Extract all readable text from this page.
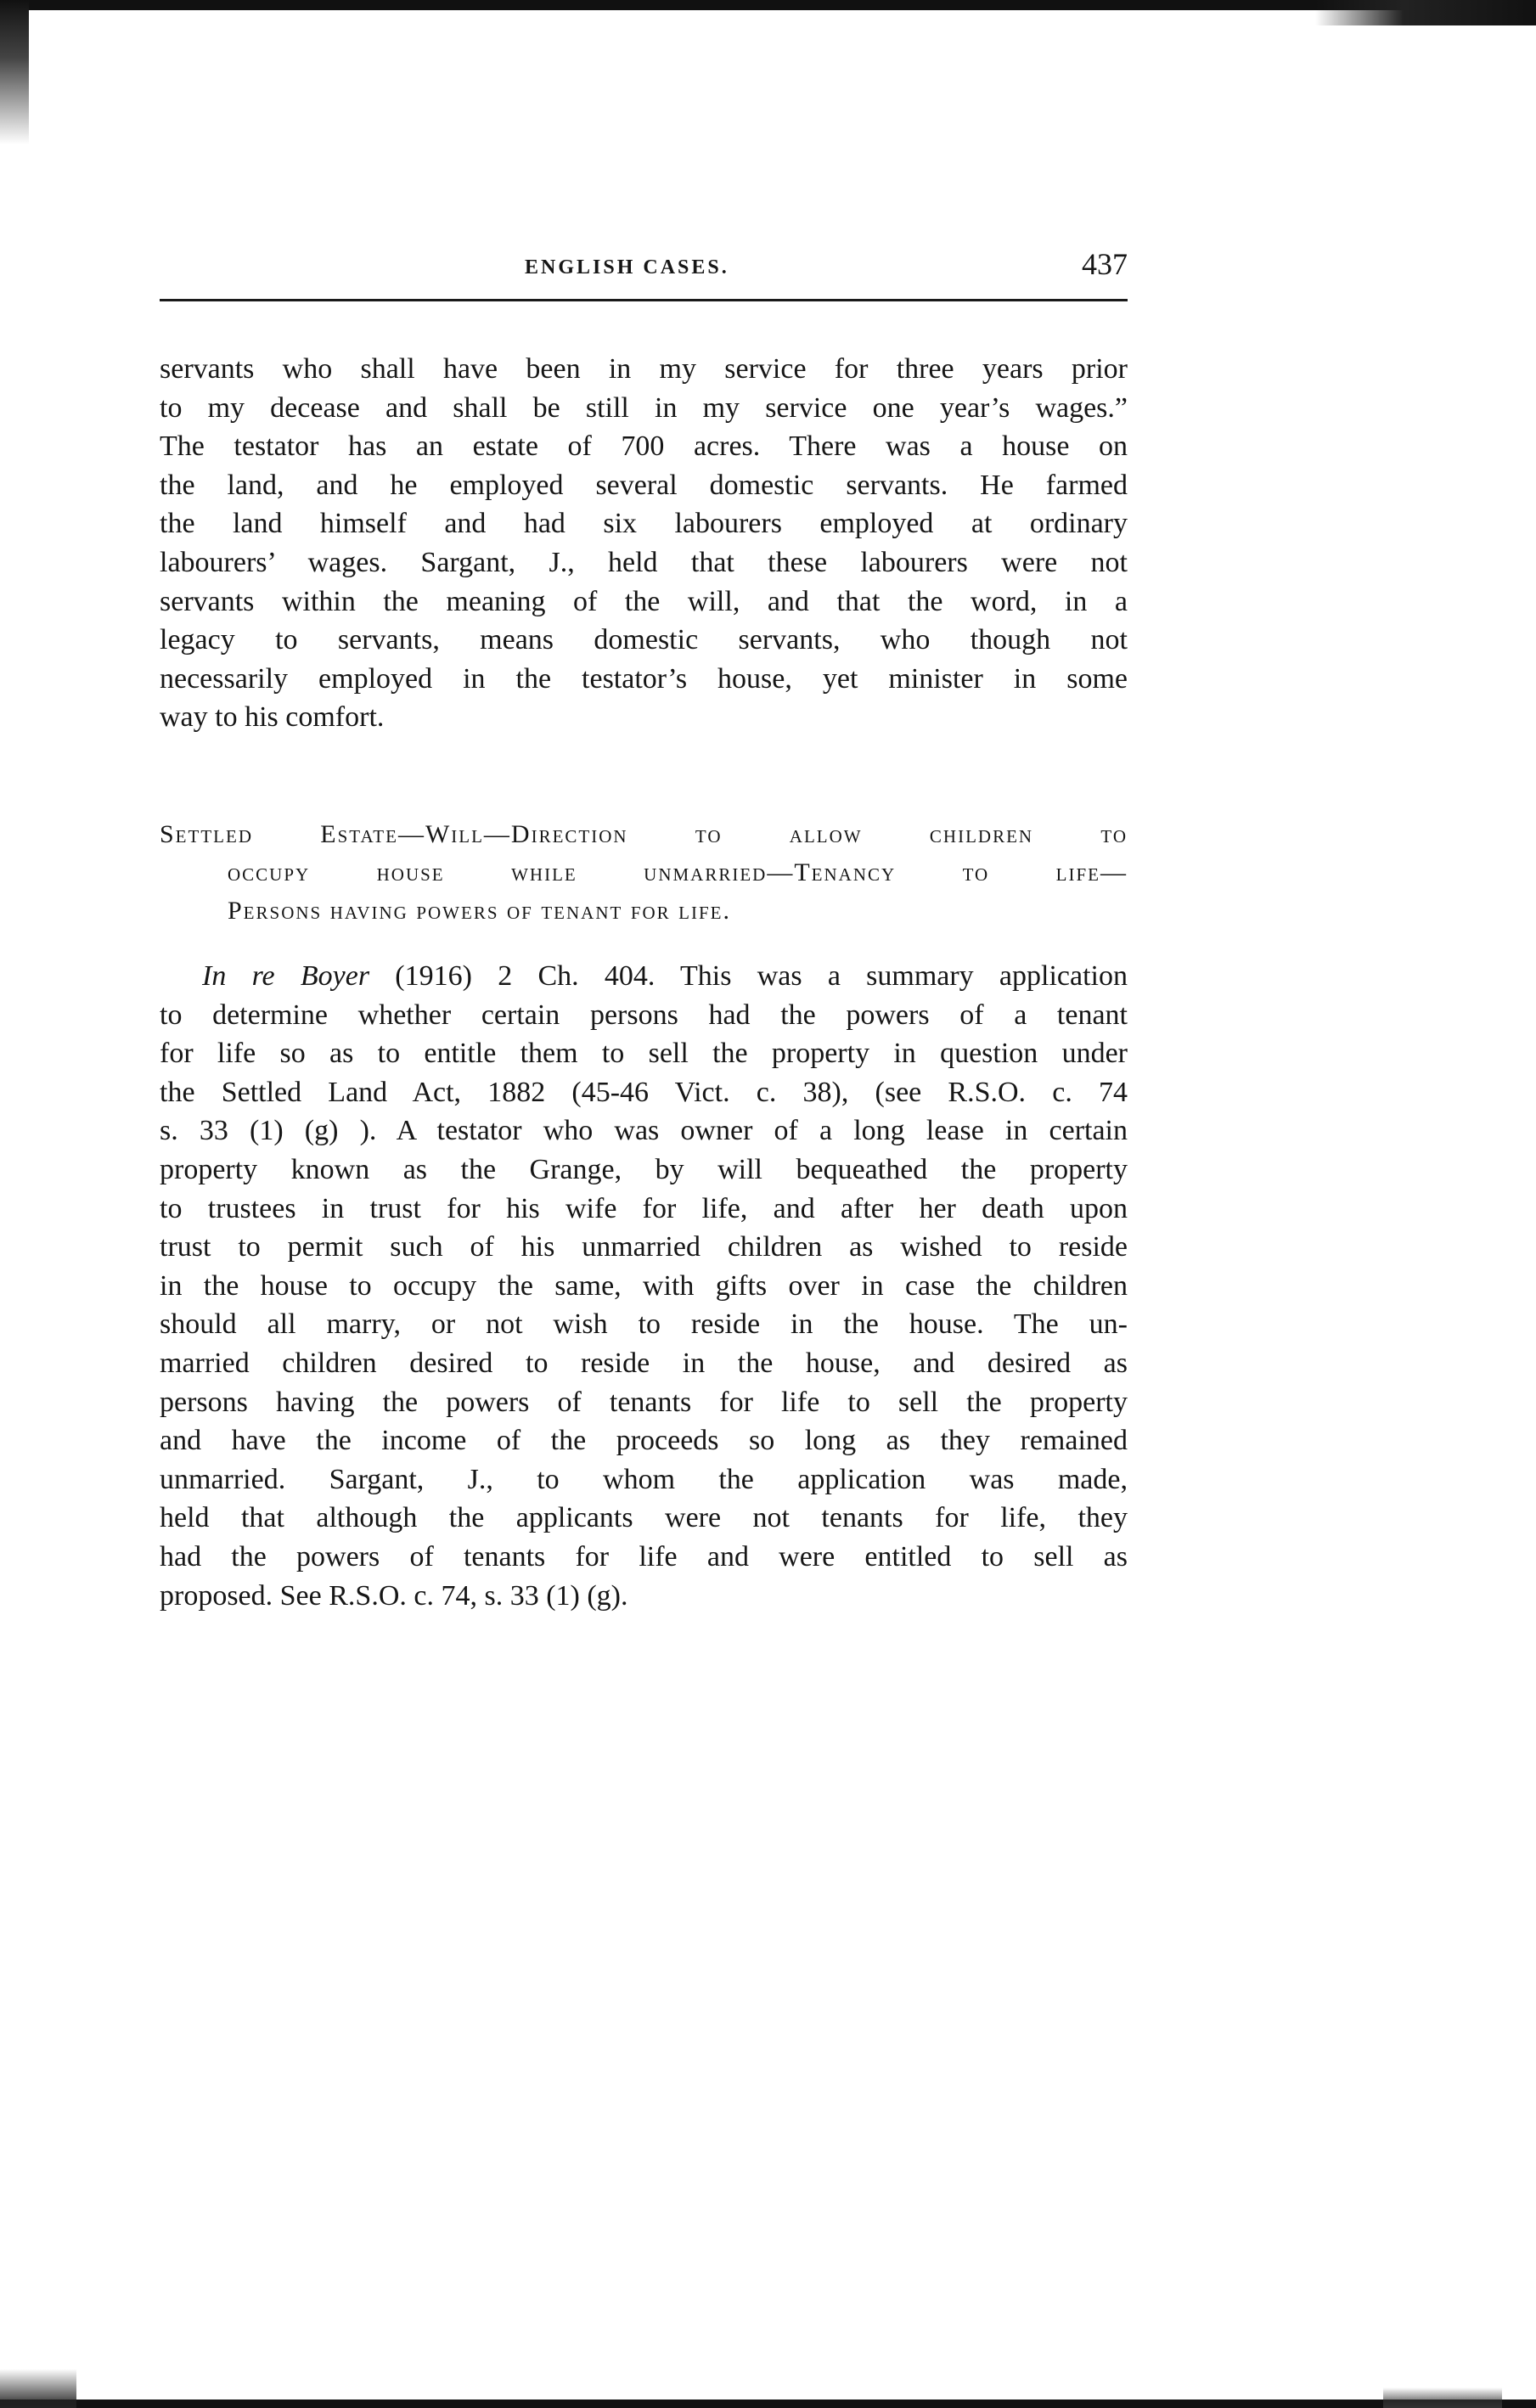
ENGLISH CASES.	437

servants who shall have been in my service for three years prior
to my decease and shall be still in my service one year’s wages.”
The testator has an estate of 700 acres. There was a house on
the land, and he employed several domestic servants. He farmed
the land himself and had six labourers employed at ordinary
labourers’ wages. Sargant, J., held that these labourers were not
servants within the meaning of the will, and that the word, in a
legacy to servants, means domestic servants, who though not
necessarily employed in the testator’s house, yet minister in some
way to his comfort.

Settled Estate—Will—Direction to allow children to
occupy house while unmarried—Tenancy to life—
Persons having powers of tenant for life.

In re Boyer (1916) 2 Ch. 404. This was a summary application
to determine whether certain persons had the powers of a tenant
for life so as to entitle them to sell the property in question under
the Settled Land Act, 1882 (45-46 Vict. c. 38), (see R.S.O. c. 74
s. 33 (1) (g) ). A testator who was owner of a long lease in certain
property known as the Grange, by will bequeathed the property
to trustees in trust for his wife for life, and after her death upon
trust to permit such of his unmarried children as wished to reside
in the house to occupy the same, with gifts over in case the children
should all marry, or not wish to reside in the house. The un-
married children desired to reside in the house, and desired as
persons having the powers of tenants for life to sell the property
and have the income of the proceeds so long as they remained
unmarried. Sargant, J., to whom the application was made,
held that although the applicants were not tenants for life, they
had the powers of tenants for life and were entitled to sell as
proposed. See R.S.O. c. 74, s. 33 (1) (g).
